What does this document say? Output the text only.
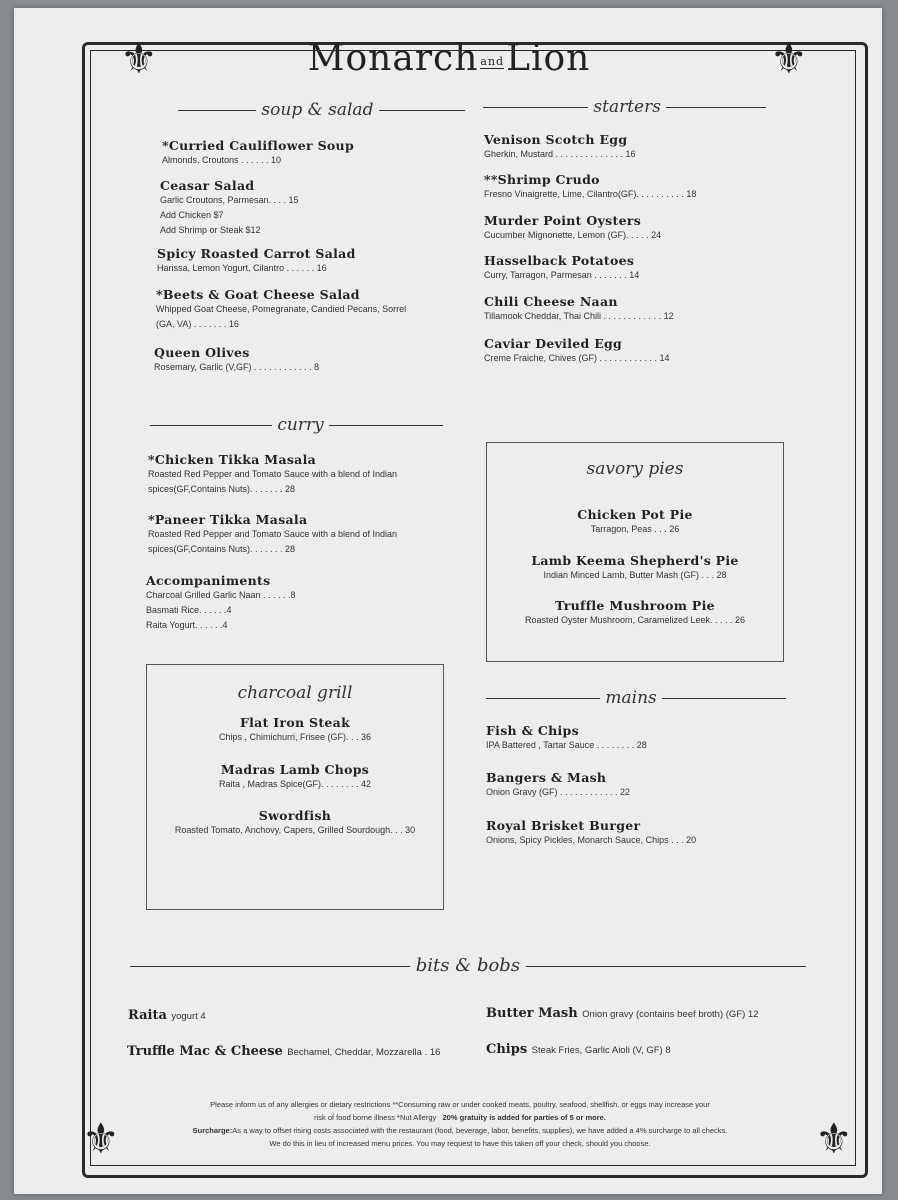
⚜	⚜
⚜	⚜
Monarch andLion
soup & salad	starters
*Curried Cauliflower Soup
Almonds, Croutons . . . . . . 10
Ceasar Salad
Garlic Croutons, Parmesan. . . . 15
Add Chicken $7
Add Shrimp or Steak $12
Spicy Roasted Carrot Salad
Harissa, Lemon Yogurt, Cilantro . . . . . . 16
*Beets & Goat Cheese Salad
Whipped Goat Cheese, Pomegranate, Candied Pecans, Sorrel
(GA, VA) . . . . . . . 16
Queen Olives
Rosemary, Garlic (V,GF) . . . . . . . . . . . . 8
Venison Scotch Egg
Gherkin, Mustard . . . . . . . . . . . . . . 16
**Shrimp Crudo
Fresno Vinaigrette, Lime, Cilantro(GF). . . . . . . . . . 18
Murder Point Oysters
Cucumber Mignonette, Lemon (GF). . . . . 24
Hasselback Potatoes
Curry, Tarragon, Parmesan . . . . . . . 14
Chili Cheese Naan
Tillamook Cheddar, Thai Chili . . . . . . . . . . . . 12
Caviar Deviled Egg
Creme Fraiche, Chives (GF) . . . . . . . . . . . . 14
curry
*Chicken Tikka Masala
Roasted Red Pepper and Tomato Sauce with a blend of Indian
spices(GF,Contains Nuts). . . . . . . 28
*Paneer Tikka Masala
Roasted Red Pepper and Tomato Sauce with a blend of Indian
spices(GF,Contains Nuts). . . . . . . 28
Accompaniments
Charcoal Grilled Garlic Naan . . . . . .8
Basmati Rice. . . . . .4
Raita Yogurt. . . . . .4
savory pies
Chicken Pot Pie
Tarragon, Peas . . . 26
Lamb Keema Shepherd's Pie
Indian Minced Lamb, Butter Mash (GF) . . . 28
Truffle Mushroom Pie
Roasted Oyster Mushroom, Caramelized Leek. . . . . 26
charcoal grill
Flat Iron Steak
Chips , Chimichurri, Frisee (GF). . . 36
Madras Lamb Chops
Raita , Madras Spice(GF). . . . . . . . 42
Swordfish
Roasted Tomato, Anchovy, Capers, Grilled Sourdough. . . 30
mains
Fish & Chips
IPA Battered , Tartar Sauce . . . . . . . . 28
Bangers & Mash
Onion Gravy (GF) . . . . . . . . . . . . 22
Royal Brisket Burger
Onions, Spicy Pickles, Monarch Sauce, Chips . . . 20
bits & bobs
Raita yogurt 4
Truffle Mac & Cheese Bechamel, Cheddar, Mozzarella . 16
Butter Mash Onion gravy (contains beef broth) (GF) 12
Chips Steak Fries, Garlic Aioli (V, GF) 8
Please inform us of any allergies or dietary restrictions **Consuming raw or under cooked meats, poultry, seafood, shellfish, or eggs may increase your
risk of food borne illness *Nut Allergy 20% gratuity is added for parties of 5 or more.
Surcharge:As a way to offset rising costs associated with the restaurant (food, beverage, labor, benefits, supplies), we have added a 4% surcharge to all checks.
We do this in lieu of increased menu prices. You may request to have this taken off your check, should you choose.
